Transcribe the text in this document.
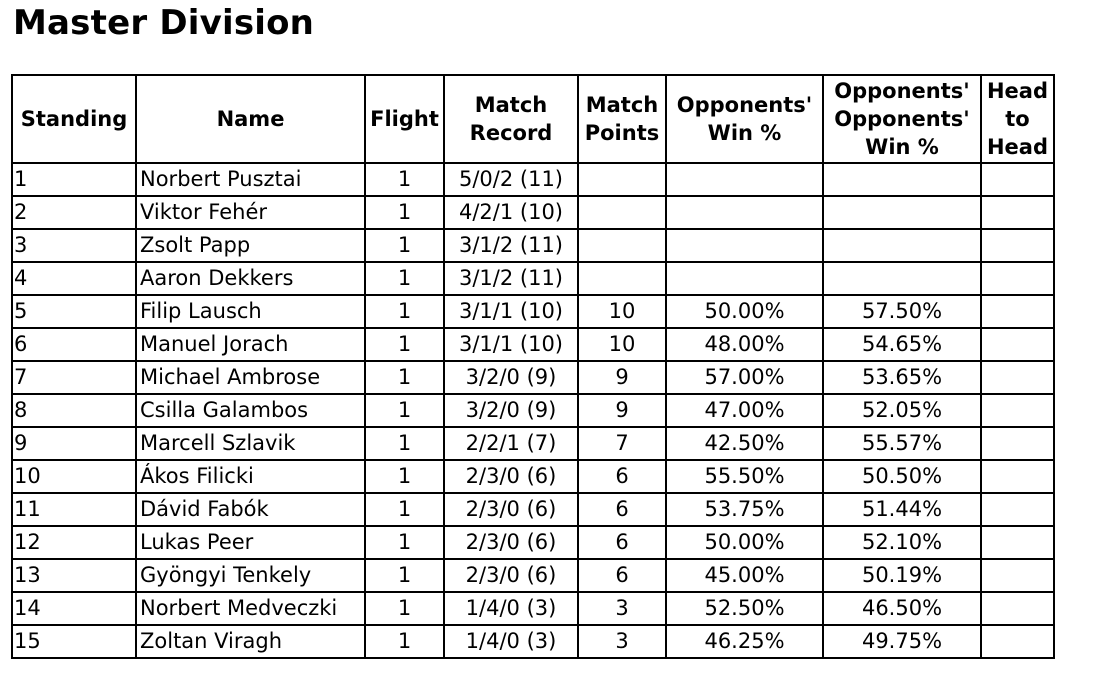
Master Division
Standing	Name	Flight	Match Record	Match Points	Opponents' Win %	Opponents' Opponents' Win %	Head to Head
1	Norbert Pusztai	1	5/0/2 (11)				
2	Viktor Fehér	1	4/2/1 (10)				
3	Zsolt Papp	1	3/1/2 (11)				
4	Aaron Dekkers	1	3/1/2 (11)				
5	Filip Lausch	1	3/1/1 (10)	10	50.00%	57.50%	
6	Manuel Jorach	1	3/1/1 (10)	10	48.00%	54.65%	
7	Michael Ambrose	1	3/2/0 (9)	9	57.00%	53.65%	
8	Csilla Galambos	1	3/2/0 (9)	9	47.00%	52.05%	
9	Marcell Szlavik	1	2/2/1 (7)	7	42.50%	55.57%	
10	Ákos Filicki	1	2/3/0 (6)	6	55.50%	50.50%	
11	Dávid Fabók	1	2/3/0 (6)	6	53.75%	51.44%	
12	Lukas Peer	1	2/3/0 (6)	6	50.00%	52.10%	
13	Gyöngyi Tenkely	1	2/3/0 (6)	6	45.00%	50.19%	
14	Norbert Medveczki	1	1/4/0 (3)	3	52.50%	46.50%	
15	Zoltan Viragh	1	1/4/0 (3)	3	46.25%	49.75%	
